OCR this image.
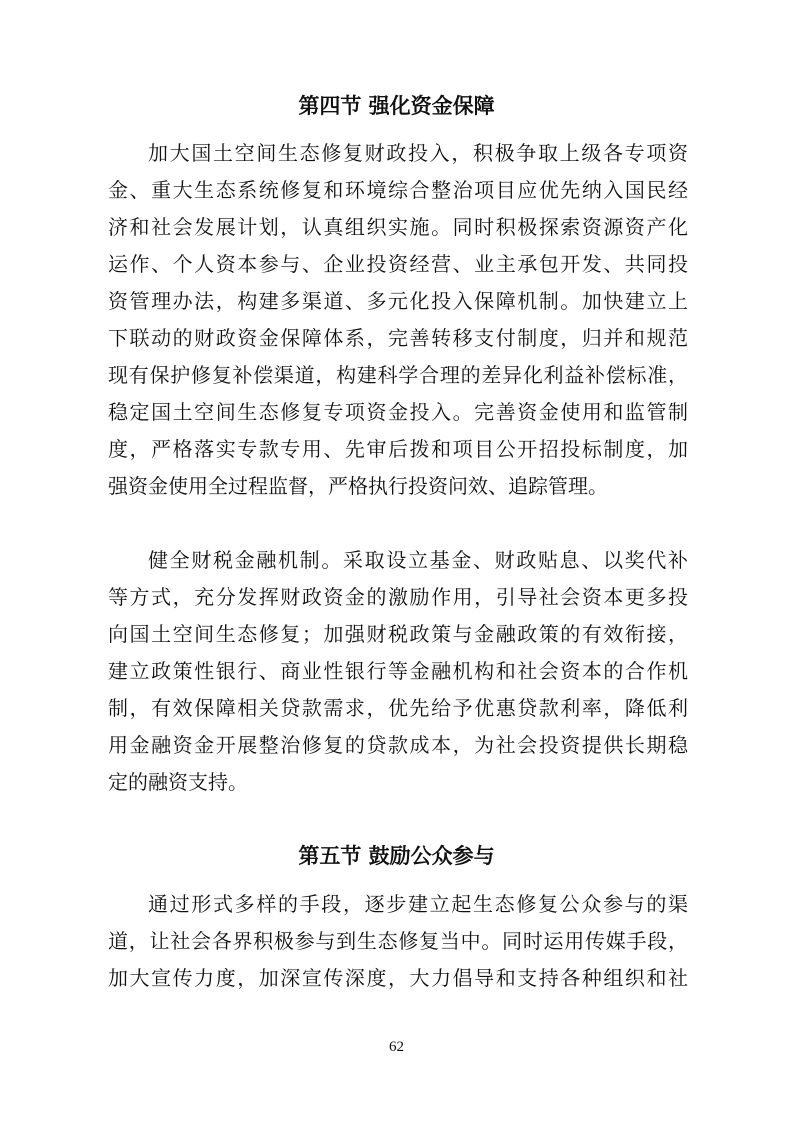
第四节 强化资金保障

加大国土空间生态修复财政投入，积极争取上级各专项资

金、重大生态系统修复和环境综合整治项目应优先纳入国民经

济和社会发展计划，认真组织实施。同时积极探索资源资产化

运作、个人资本参与、企业投资经营、业主承包开发、共同投

资管理办法，构建多渠道、多元化投入保障机制。加快建立上

下联动的财政资金保障体系，完善转移支付制度，归并和规范

现有保护修复补偿渠道，构建科学合理的差异化利益补偿标准，

稳定国土空间生态修复专项资金投入。完善资金使用和监管制

度，严格落实专款专用、先审后拨和项目公开招投标制度，加

强资金使用全过程监督，严格执行投资问效、追踪管理。

健全财税金融机制。采取设立基金、财政贴息、以奖代补

等方式，充分发挥财政资金的激励作用，引导社会资本更多投

向国土空间生态修复；加强财税政策与金融政策的有效衔接，

建立政策性银行、商业性银行等金融机构和社会资本的合作机

制，有效保障相关贷款需求，优先给予优惠贷款利率，降低利

用金融资金开展整治修复的贷款成本，为社会投资提供长期稳

定的融资支持。

第五节 鼓励公众参与

通过形式多样的手段，逐步建立起生态修复公众参与的渠

道，让社会各界积极参与到生态修复当中。同时运用传媒手段，

加大宣传力度，加深宣传深度，大力倡导和支持各种组织和社

62
